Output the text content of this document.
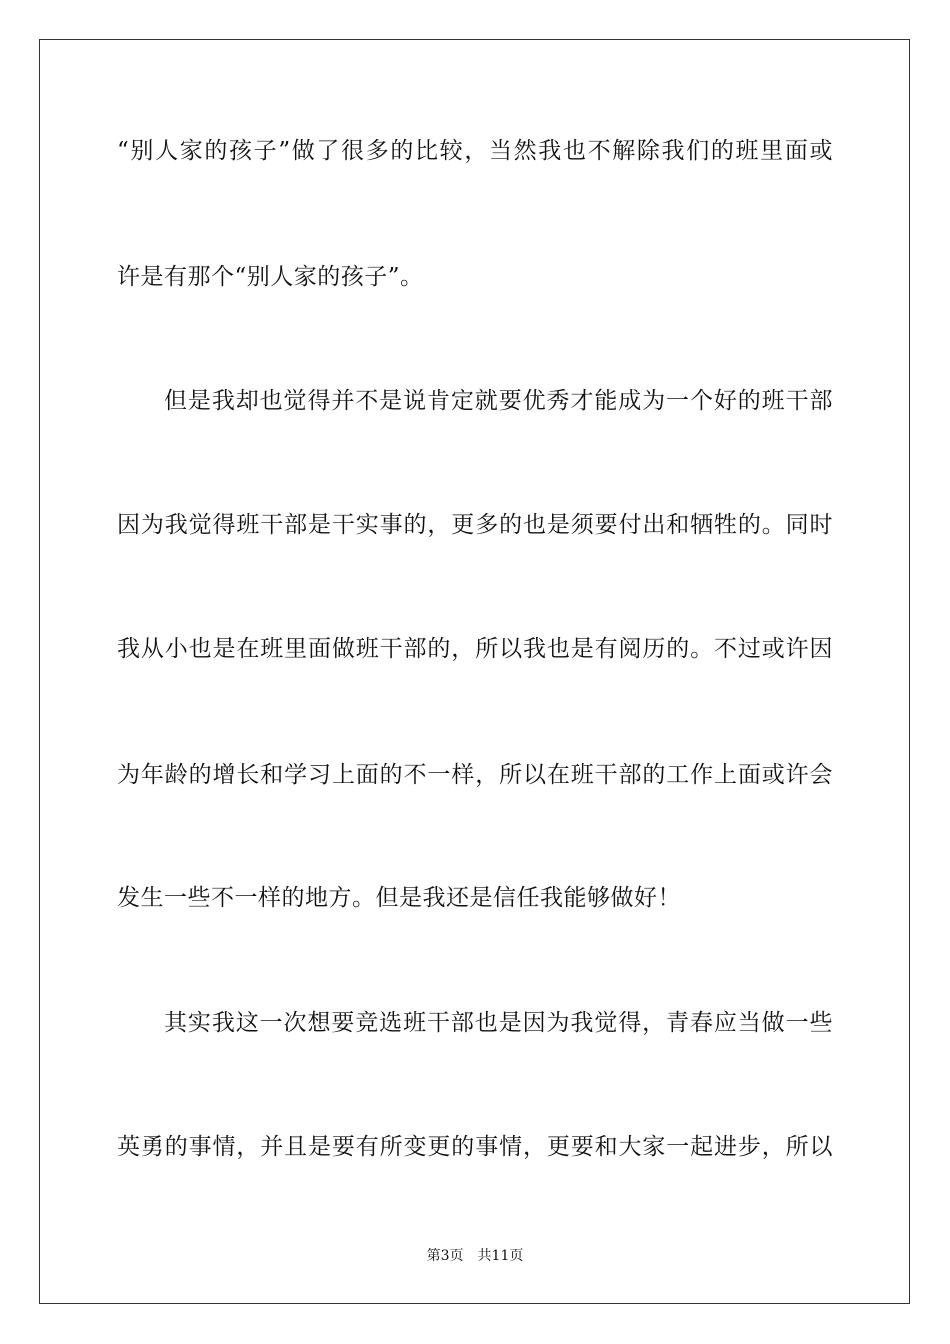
“别人家的孩子”做了很多的比较，当然我也不解除我们的班里面或
许是有那个“别人家的孩子”。
但是我却也觉得并不是说肯定就要优秀才能成为一个好的班干部
因为我觉得班干部是干实事的，更多的也是须要付出和牺牲的。同时
我从小也是在班里面做班干部的，所以我也是有阅历的。不过或许因
为年龄的增长和学习上面的不一样，所以在班干部的工作上面或许会
发生一些不一样的地方。但是我还是信任我能够做好！
其实我这一次想要竞选班干部也是因为我觉得，青春应当做一些
英勇的事情，并且是要有所变更的事情，更要和大家一起进步，所以
第3页 共11页
